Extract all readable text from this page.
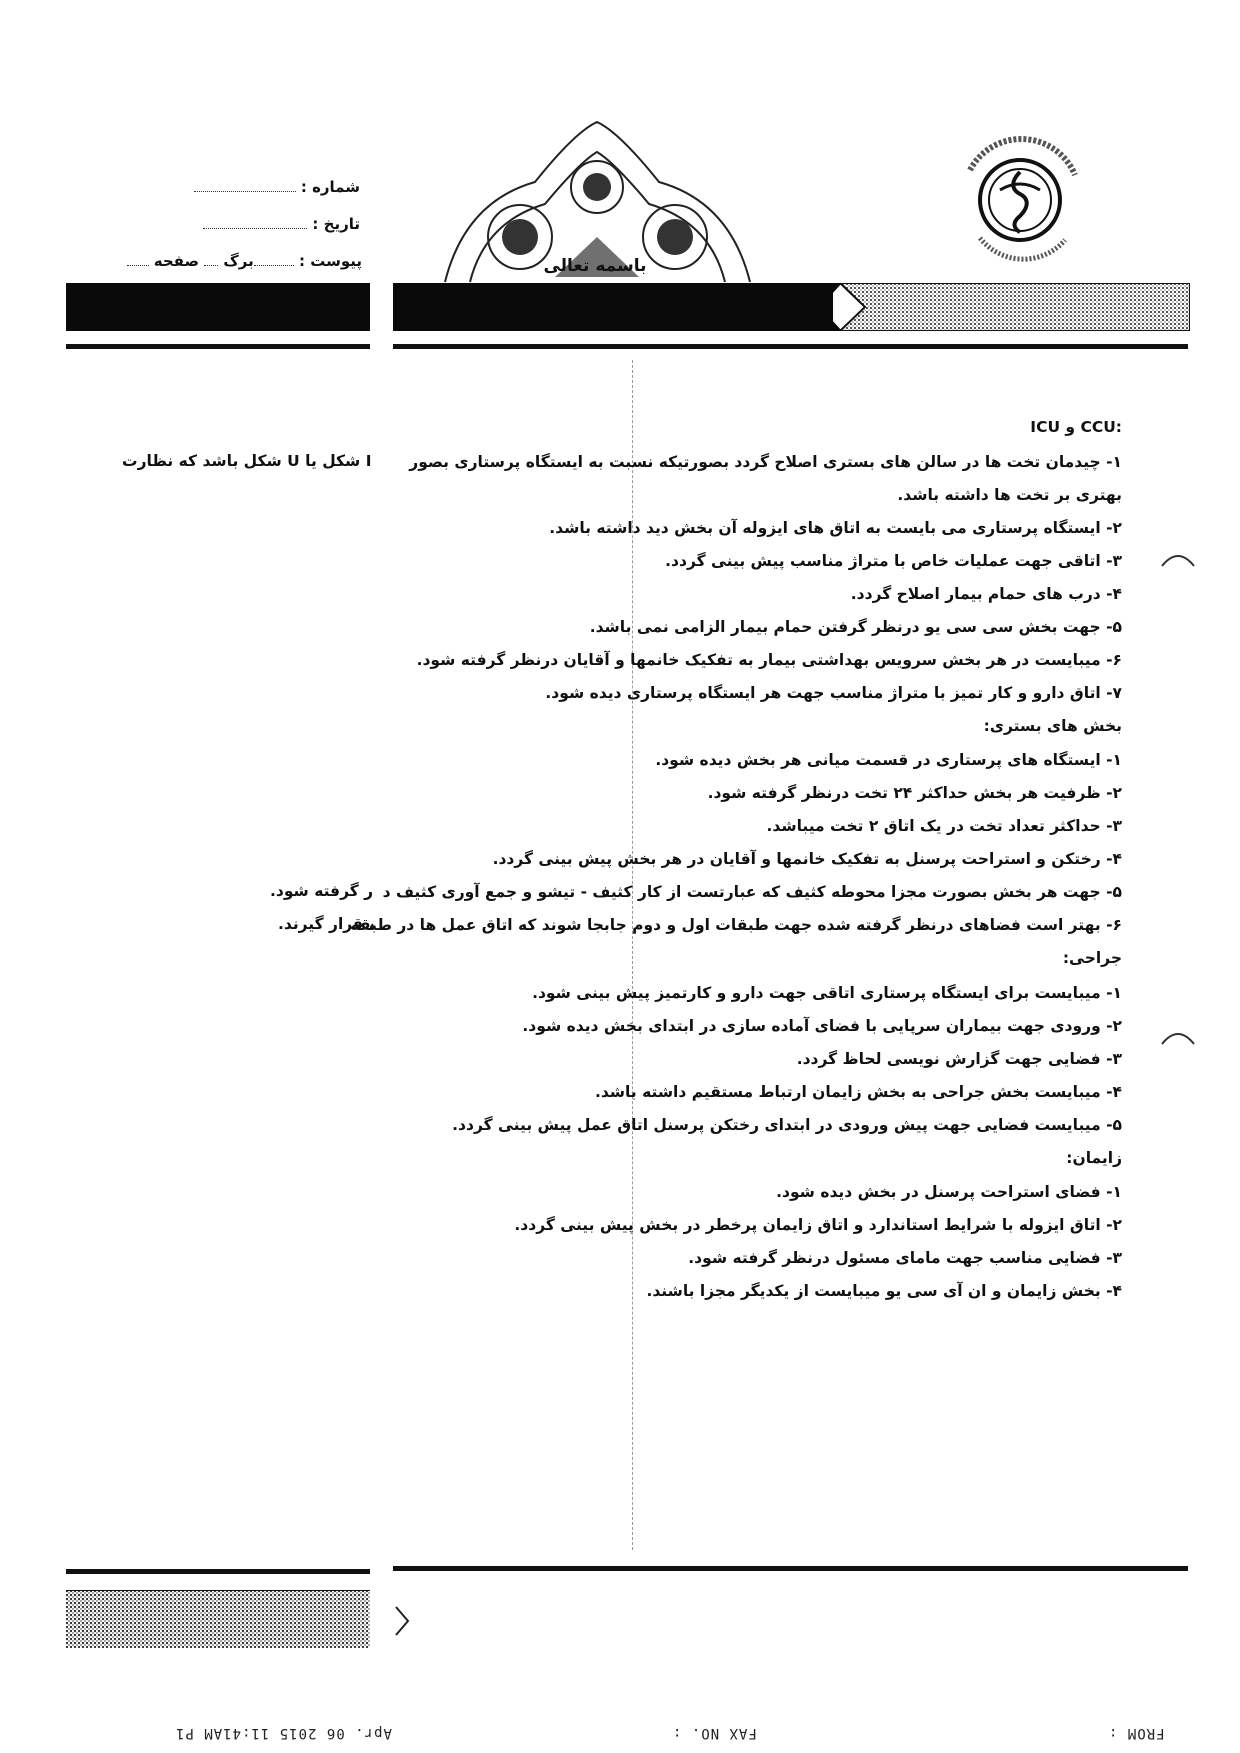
شماره :
تاریخ :
پیوست : برگ  صفحه	باسمه تعالی
ICU و CCU:
۱- چیدمان تخت ها در سالن های بستری اصلاح گردد بصورتیکه نسبت به ایستگاه پرستاری بصور
I شکل یا U شکل باشد که نظارت
بهتری بر تخت ها داشته باشد.
۲- ایستگاه پرستاری می بایست به اتاق های ایزوله آن بخش دید داشته باشد.
۳- اتاقی جهت عملیات خاص با متراژ مناسب پیش بینی گردد.
۴- درب های حمام بیمار اصلاح گردد.
۵- جهت بخش سی سی یو درنظر گرفتن حمام بیمار الزامی نمی باشد.
۶- میبایست در هر بخش سرویس بهداشتی بیمار به تفکیک خانمها و آقایان درنظر گرفته شود.
۷- اتاق دارو و کار تمیز با متراژ مناسب جهت هر ایستگاه پرستاری دیده شود.
بخش های بستری:
۱- ایستگاه های پرستاری در قسمت میانی هر بخش دیده شود.
۲- ظرفیت هر بخش حداکثر ۲۴ تخت درنظر گرفته شود.
۳- حداکثر تعداد تخت در یک اتاق ۲ تخت میباشد.
۴- رختکن و استراحت پرسنل به تفکیک خانمها و آقایان در هر بخش پیش بینی گردد.
۵- جهت هر بخش بصورت مجزا محوطه کثیف که عبارتست از کار کثیف - تیشو و جمع آوری کثیف د
ر گرفته شود.
۶- بهتر است فضاهای درنظر گرفته شده جهت طبقات اول و دوم جابجا شوند که اتاق عمل ها در طبقه
، قرار گیرند.
جراحی:
۱- میبایست برای ایستگاه پرستاری اتاقی جهت دارو و کارتمیز پیش بینی شود.
۲- ورودی جهت بیماران سرپایی با فضای آماده سازی در ابتدای بخش دیده شود.
۳- فضایی جهت گزارش نویسی لحاظ گردد.
۴- میبایست بخش جراحی به بخش زایمان ارتباط مستقیم داشته باشد.
۵- میبایست فضایی جهت پیش ورودی در ابتدای رختکن پرسنل اتاق عمل پیش بینی گردد.
زایمان:
۱- فضای استراحت پرسنل در بخش دیده شود.
۲- اتاق ایزوله با شرایط استاندارد و اتاق زایمان پرخطر در بخش پیش بینی گردد.
۳- فضایی مناسب جهت مامای مسئول درنظر گرفته شود.
۴- بخش زایمان و ان آی سی یو میبایست از یکدیگر مجزا باشند.
Apr. 06 2015 11:41AM P1	FAX NO. :	FROM :
